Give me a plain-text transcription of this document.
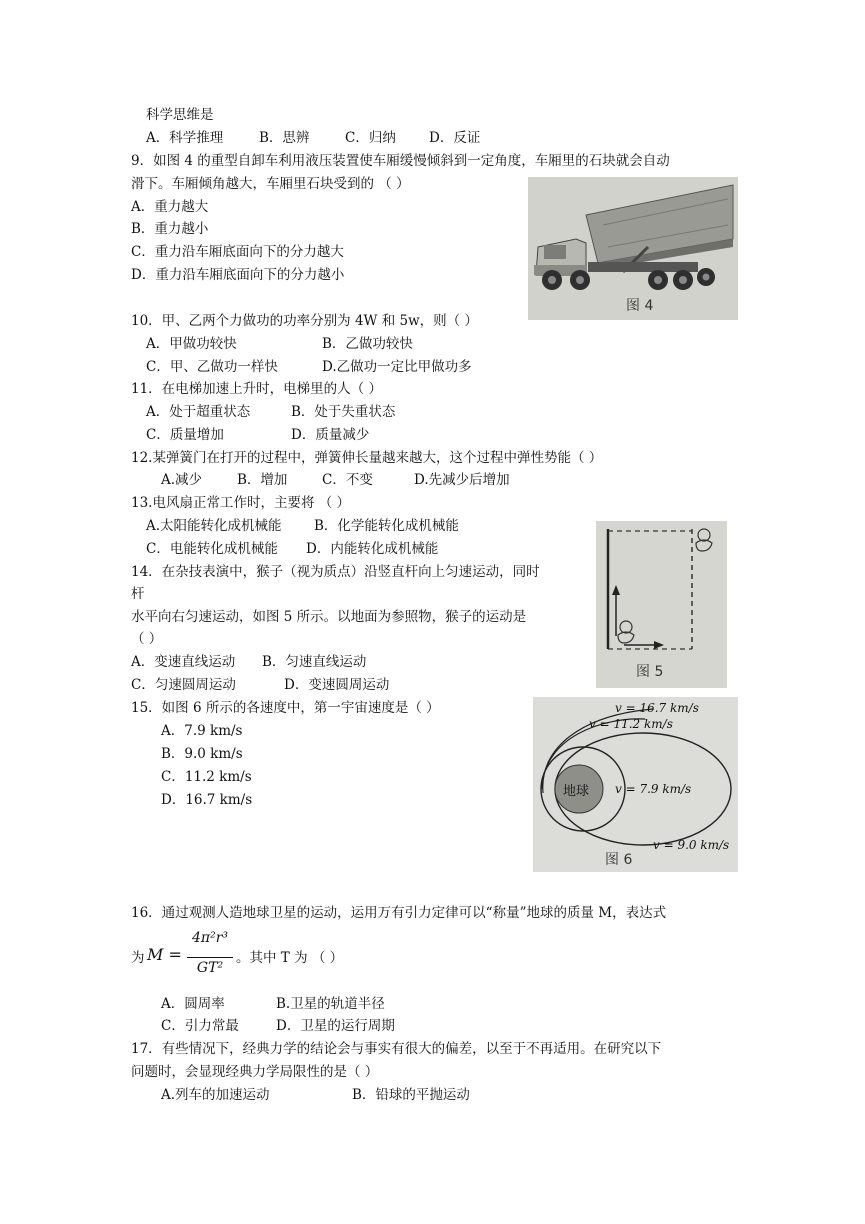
科学思维是
A．科学推理	B．思辨	C．归纳 D．反证
9．如图 4 的重型自卸车利用液压装置使车厢缓慢倾斜到一定角度，车厢里的石块就会自动
滑下。车厢倾角越大，车厢里石块受到的 （ ）
A．重力越大
B．重力越小
C．重力沿车厢底面向下的分力越大
D．重力沿车厢底面向下的分力越小
图 4
10．甲、乙两个力做功的功率分别为 4W 和 5w，则（ ）
A．甲做功较快	B．乙做功较快
C．甲、乙做功一样快	D.乙做功一定比甲做功多
11．在电梯加速上升时，电梯里的人（ ）
A．处于超重状态	B．处于失重状态
C．质量增加	D．质量减少
12.某弹簧门在打开的过程中，弹簧伸长量越来越大，这个过程中弹性势能（ ）
A.减少	B．增加	C．不变	D.先减少后增加
13.电风扇正常工作时，主要将 （ ）
A.太阳能转化成机械能 B．化学能转化成机械能
C．电能转化成机械能 D．内能转化成机械能
图 5
14．在杂技表演中，猴子（视为质点）沿竖直杆向上匀速运动，同时
杆
水平向右匀速运动，如图 5 所示。以地面为参照物，猴子的运动是
（ ）
A．变速直线运动 B．匀速直线运动
C．匀速圆周运动	D．变速圆周运动
15．如图 6 所示的各速度中，第一宇宙速度是（ ）
A．7.9 km/s
B．9.0 km/s
C．11.2 km/s
D．16.7 km/s
地球
v = 16.7 km/s
v = 11.2 km/s
v = 7.9 km/s
v = 9.0 km/s
图 6
16．通过观测人造地球卫星的运动，运用万有引力定律可以“称量”地球的质量 M，表达式
为 M =
4π²r³
GT²
。其中 T 为 （ ）
A．圆周率	B.卫星的轨道半径
C．引力常最	D．卫星的运行周期
17．有些情况下，经典力学的结论会与事实有很大的偏差，以至于不再适用。在研究以下
问题时，会显现经典力学局限性的是（ ）
A.列车的加速运动	B．铅球的平抛运动
